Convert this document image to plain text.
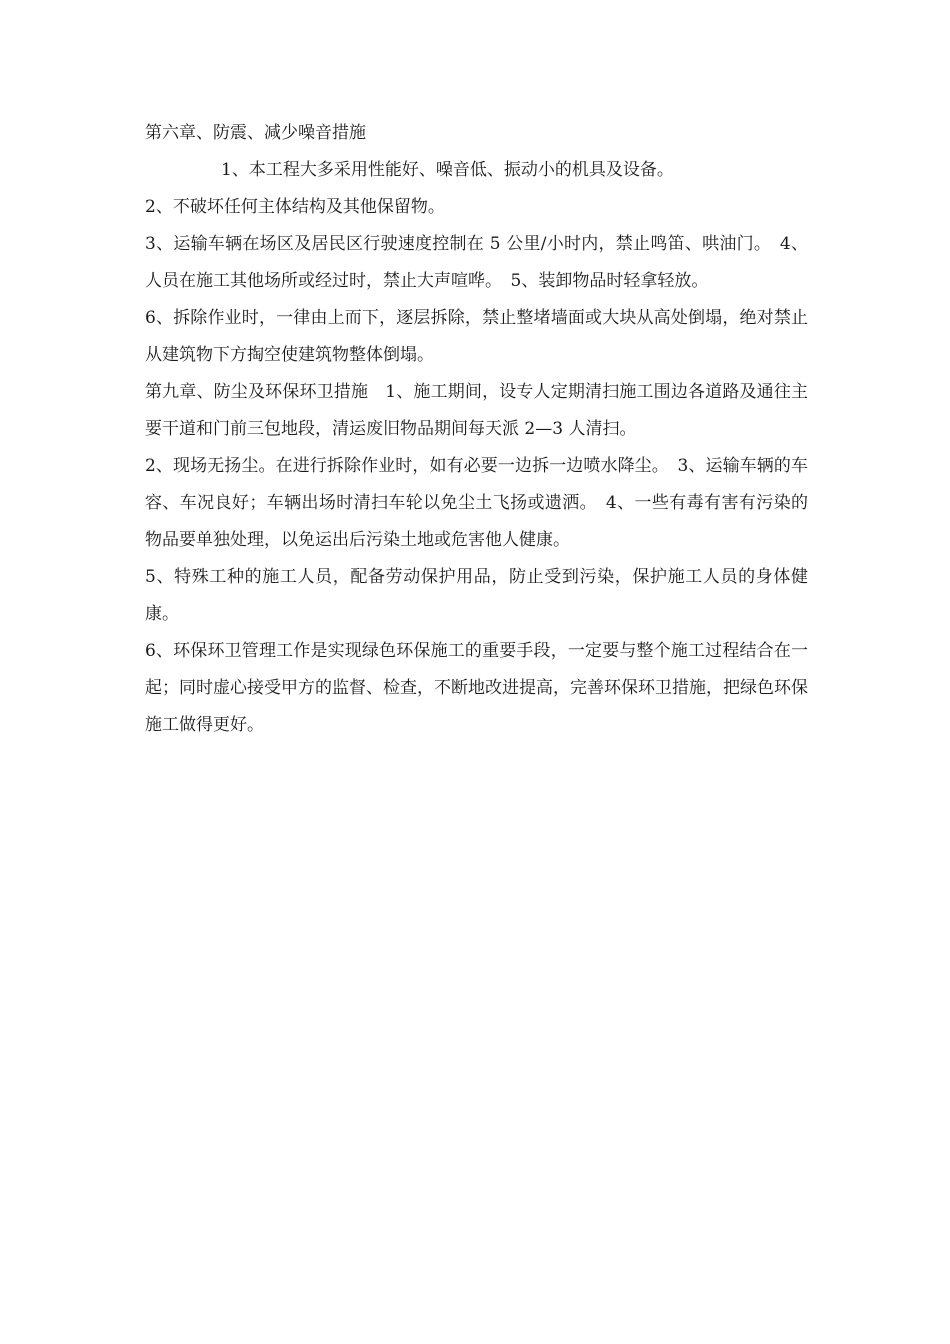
第六章、防震、减少噪音措施

1、本工程大多采用性能好、噪音低、振动小的机具及设备。

2、不破坏任何主体结构及其他保留物。

3、运输车辆在场区及居民区行驶速度控制在 5 公里/小时内，禁止鸣笛、哄油门。　4、人员在施工其他场所或经过时，禁止大声喧哗。　5、装卸物品时轻拿轻放。

6、拆除作业时，一律由上而下，逐层拆除，禁止整堵墙面或大块从高处倒塌，绝对禁止从建筑物下方掏空使建筑物整体倒塌。

第九章、防尘及环保环卫措施　1、施工期间，设专人定期清扫施工围边各道路及通往主要干道和门前三包地段，清运废旧物品期间每天派 2—3 人清扫。

2、现场无扬尘。在进行拆除作业时，如有必要一边拆一边喷水降尘。　3、运输车辆的车容、车况良好；车辆出场时清扫车轮以免尘土飞扬或遗洒。　4、一些有毒有害有污染的物品要单独处理，以免运出后污染土地或危害他人健康。

5、特殊工种的施工人员，配备劳动保护用品，防止受到污染，保护施工人员的身体健康。

6、环保环卫管理工作是实现绿色环保施工的重要手段，一定要与整个施工过程结合在一起；同时虚心接受甲方的监督、检查，不断地改进提高，完善环保环卫措施，把绿色环保施工做得更好。
